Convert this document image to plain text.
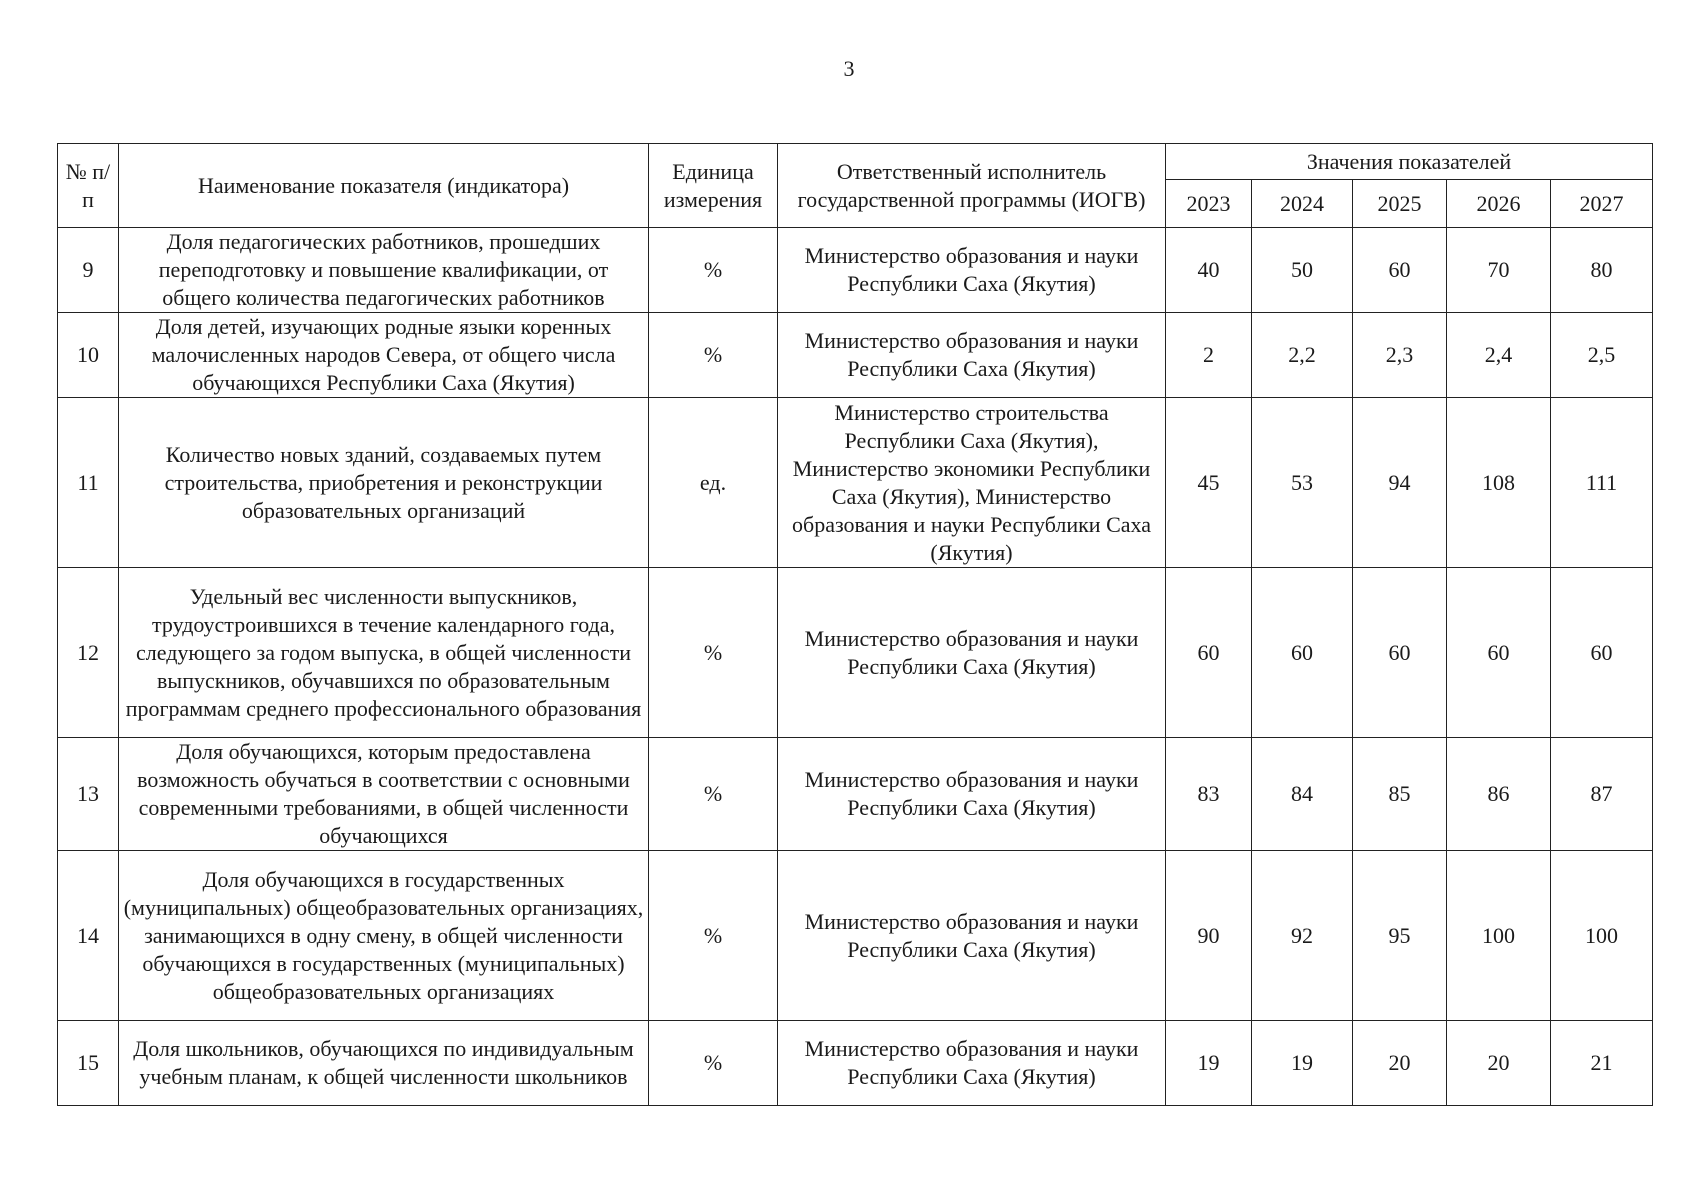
3
№ п/п	Наименование показателя (индикатора)	Единица измерения	Ответственный исполнитель государственной программы (ИОГВ)	Значения показателей				
				2023	2024	2025	2026	2027
9	Доля педагогических работников, прошедших переподготовку и повышение квалификации, от общего количества педагогических работников	%	Министерство образования и науки Республики Саха (Якутия)	40	50	60	70	80
10	Доля детей, изучающих родные языки коренных малочисленных народов Севера, от общего числа обучающихся Республики Саха (Якутия)	%	Министерство образования и науки Республики Саха (Якутия)	2	2,2	2,3	2,4	2,5
11	Количество новых зданий, создаваемых путем строительства, приобретения и реконструкции образовательных организаций	ед.	Министерство строительства Республики Саха (Якутия), Министерство экономики Республики Саха (Якутия), Министерство образования и науки Республики Саха (Якутия)	45	53	94	108	111
12	Удельный вес численности выпускников, трудоустроившихся в течение календарного года, следующего за годом выпуска, в общей численности выпускников, обучавшихся по образовательным программам среднего профессионального образования	%	Министерство образования и науки Республики Саха (Якутия)	60	60	60	60	60
13	Доля обучающихся, которым предоставлена возможность обучаться в соответствии с основными современными требованиями, в общей численности обучающихся	%	Министерство образования и науки Республики Саха (Якутия)	83	84	85	86	87
14	Доля обучающихся в государственных (муниципальных) общеобразовательных организациях, занимающихся в одну смену, в общей численности обучающихся в государственных (муниципальных) общеобразовательных организациях	%	Министерство образования и науки Республики Саха (Якутия)	90	92	95	100	100
15	Доля школьников, обучающихся по индивидуальным учебным планам, к общей численности школьников	%	Министерство образования и науки Республики Саха (Якутия)	19	19	20	20	21
